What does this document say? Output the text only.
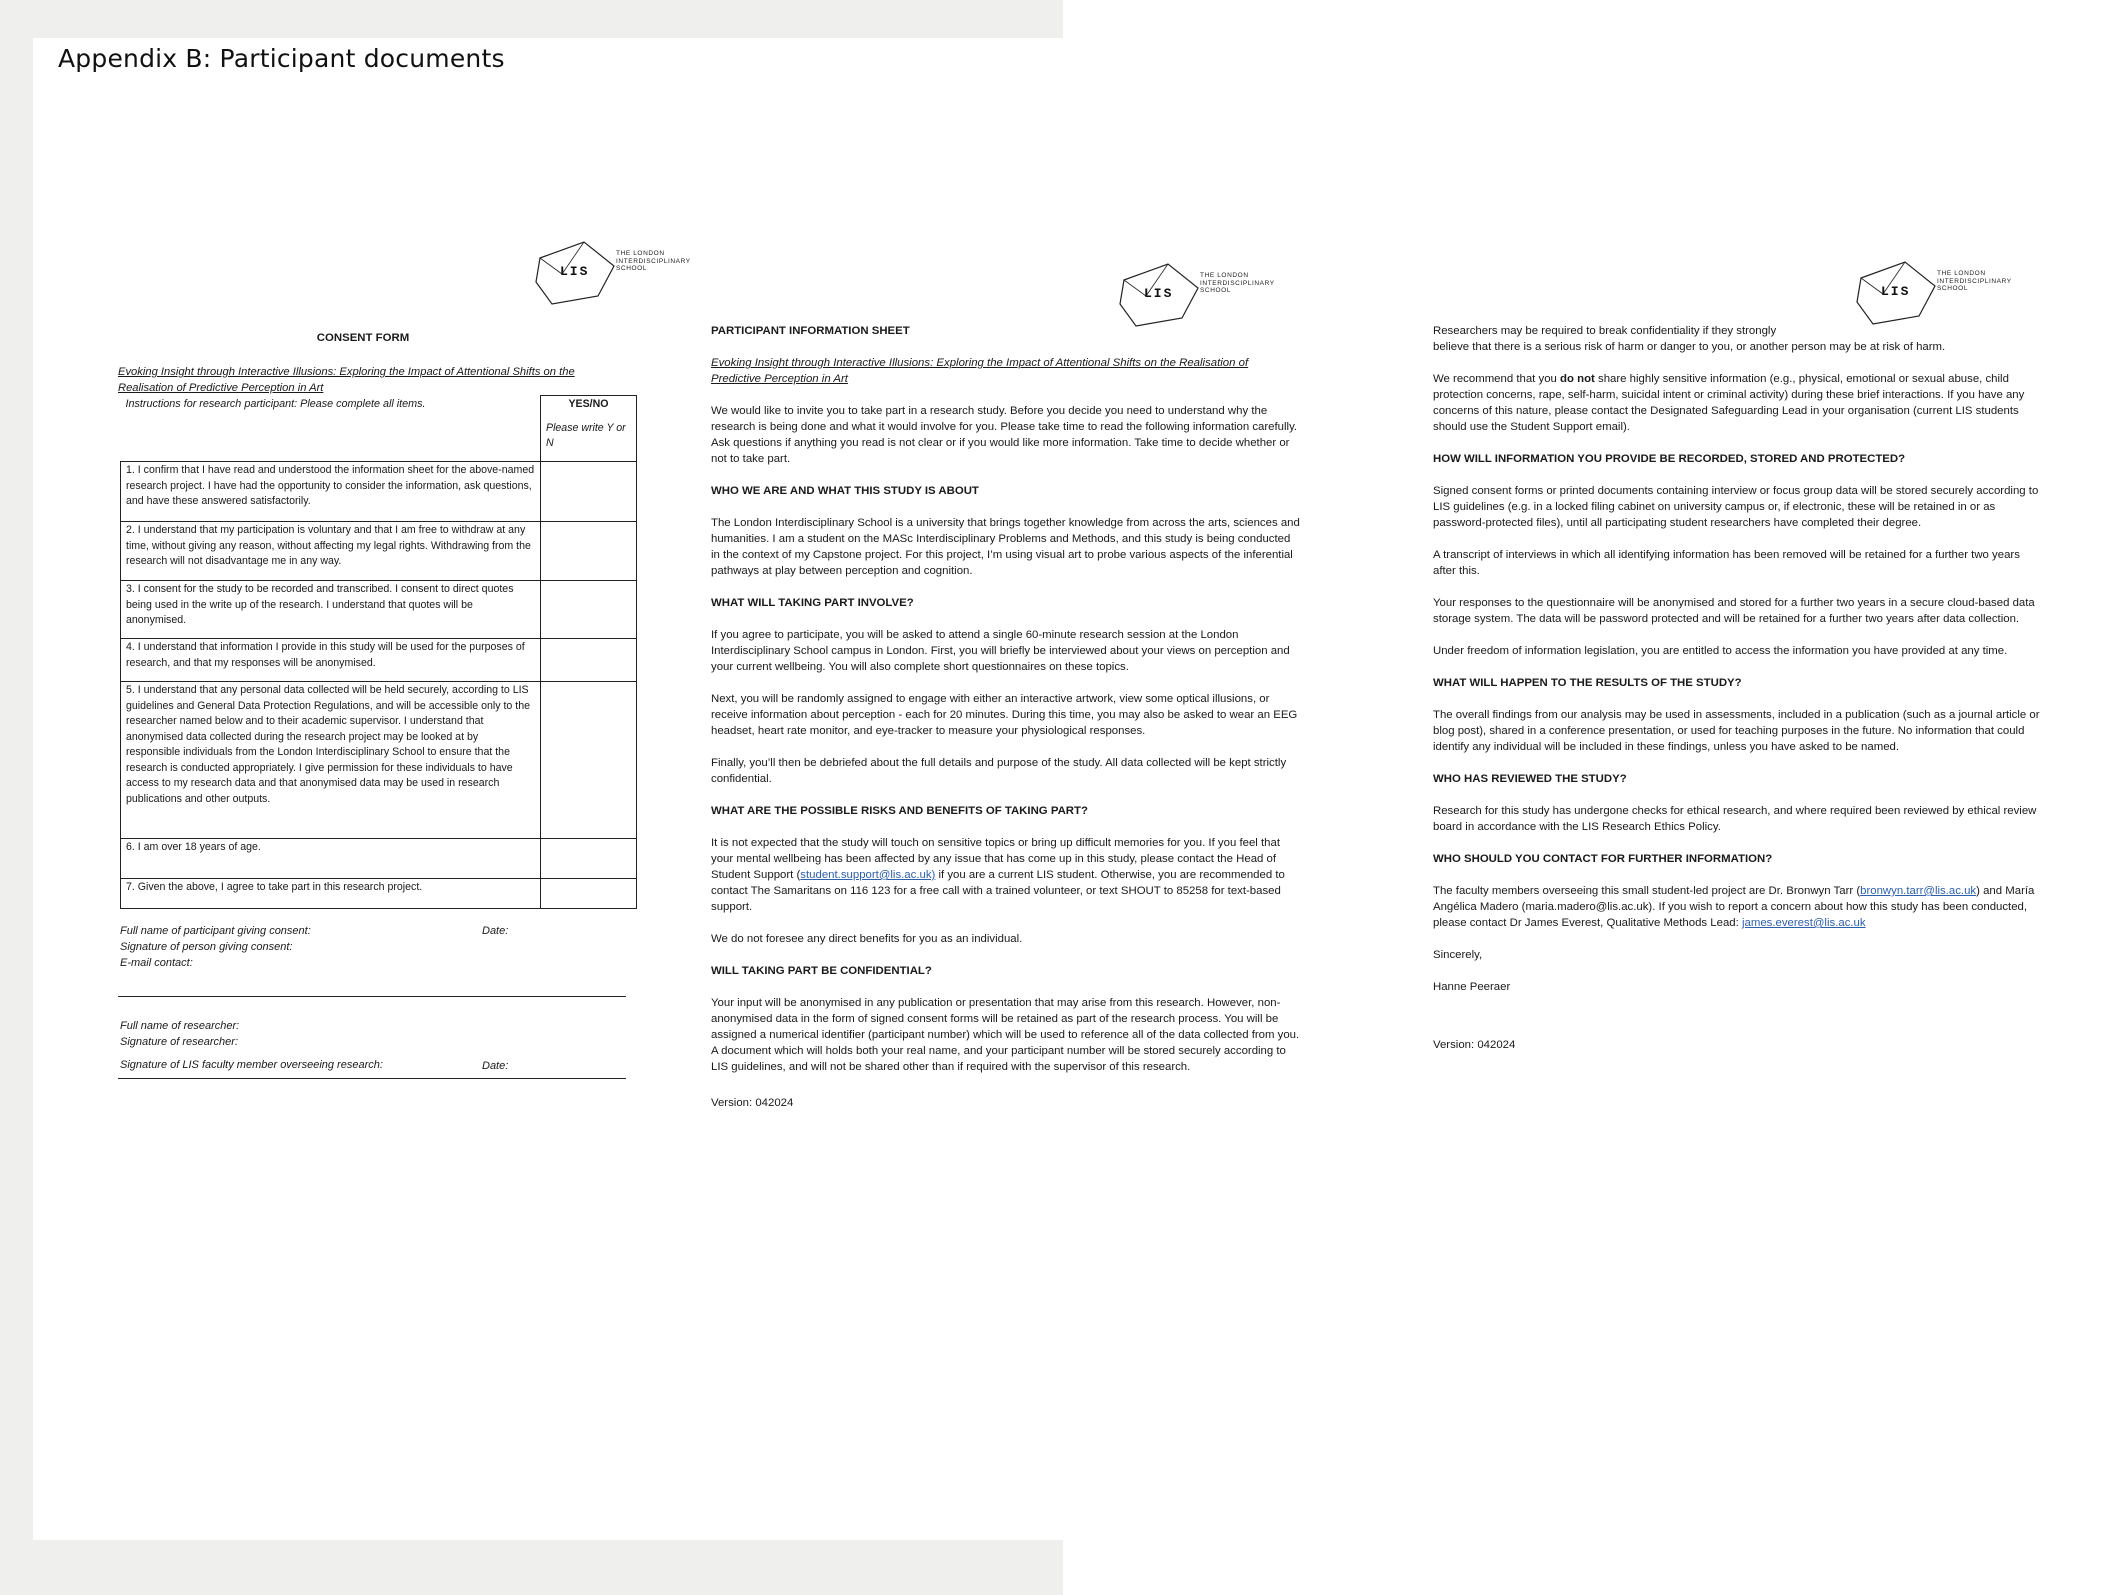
Appendix B: Participant documents
LIS
THE LONDON
INTERDISCIPLINARY
SCHOOL
LIS
THE LONDON
INTERDISCIPLINARY
SCHOOL	LIS
THE LONDON
INTERDISCIPLINARY
SCHOOL
CONSENT FORM
Evoking Insight through Interactive Illusions: Exploring the Impact of Attentional Shifts on the Realisation of Predictive Perception in Art
Instructions for research participant: Please complete all items.	YES/NO
Please write Y or N

1. I confirm that I have read and understood the information sheet for the above-named research project. I have had the opportunity to consider the information, ask questions, and have these answered satisfactorily.	
2. I understand that my participation is voluntary and that I am free to withdraw at any time, without giving any reason, without affecting my legal rights. Withdrawing from the research will not disadvantage me in any way.	
3. I consent for the study to be recorded and transcribed. I consent to direct quotes being used in the write up of the research. I understand that quotes will be anonymised.	
4. I understand that information I provide in this study will be used for the purposes of research, and that my responses will be anonymised.	
5. I understand that any personal data collected will be held securely, according to LIS guidelines and General Data Protection Regulations, and will be accessible only to the researcher named below and to their academic supervisor. I understand that anonymised data collected during the research project may be looked at by responsible individuals from the London Interdisciplinary School to ensure that the research is conducted appropriately. I give permission for these individuals to have access to my research data and that anonymised data may be used in research publications and other outputs.	
6. I am over 18 years of age.	
7. Given the above, I agree to take part in this research project.	
Full name of participant giving consent:	Date:
Signature of person giving consent:
E-mail contact:
Full name of researcher:
Signature of researcher:
Signature of LIS faculty member overseeing research:	Date:
PARTICIPANT INFORMATION SHEET

Evoking Insight through Interactive Illusions: Exploring the Impact of Attentional Shifts on the Realisation of Predictive Perception in Art

We would like to invite you to take part in a research study. Before you decide you need to understand why the research is being done and what it would involve for you. Please take time to read the following information carefully. Ask questions if anything you read is not clear or if you would like more information. Take time to decide whether or not to take part.

WHO WE ARE AND WHAT THIS STUDY IS ABOUT

The London Interdisciplinary School is a university that brings together knowledge from across the arts, sciences and humanities. I am a student on the MASc Interdisciplinary Problems and Methods, and this study is being conducted in the context of my Capstone project. For this project, I’m using visual art to probe various aspects of the inferential pathways at play between perception and cognition.

WHAT WILL TAKING PART INVOLVE?

If you agree to participate, you will be asked to attend a single 60-minute research session at the London Interdisciplinary School campus in London. First, you will briefly be interviewed about your views on perception and your current wellbeing. You will also complete short questionnaires on these topics.

Next, you will be randomly assigned to engage with either an interactive artwork, view some optical illusions, or receive information about perception - each for 20 minutes. During this time, you may also be asked to wear an EEG headset, heart rate monitor, and eye-tracker to measure your physiological responses.

Finally, you’ll then be debriefed about the full details and purpose of the study. All data collected will be kept strictly confidential.

WHAT ARE THE POSSIBLE RISKS AND BENEFITS OF TAKING PART?

It is not expected that the study will touch on sensitive topics or bring up difficult memories for you. If you feel that your mental wellbeing has been affected by any issue that has come up in this study, please contact the Head of Student Support (student.support@lis.ac.uk) if you are a current LIS student. Otherwise, you are recommended to contact The Samaritans on 116 123 for a free call with a trained volunteer, or text SHOUT to 85258 for text-based support.

We do not foresee any direct benefits for you as an individual.

WILL TAKING PART BE CONFIDENTIAL?

Your input will be anonymised in any publication or presentation that may arise from this research. However, non-anonymised data in the form of signed consent forms will be retained as part of the research process. You will be assigned a numerical identifier (participant number) which will be used to reference all of the data collected from you. A document which will holds both your real name, and your participant number will be stored securely according to LIS guidelines, and will not be shared other than if required with the supervisor of this research.

Version: 042024

Researchers may be required to break confidentiality if they strongly
believe that there is a serious risk of harm or danger to you, or another person may be at risk of harm.

We recommend that you do not share highly sensitive information (e.g., physical, emotional or sexual abuse, child protection concerns, rape, self-harm, suicidal intent or criminal activity) during these brief interactions. If you have any concerns of this nature, please contact the Designated Safeguarding Lead in your organisation (current LIS students should use the Student Support email).

HOW WILL INFORMATION YOU PROVIDE BE RECORDED, STORED AND PROTECTED?

Signed consent forms or printed documents containing interview or focus group data will be stored securely according to LIS guidelines (e.g. in a locked filing cabinet on university campus or, if electronic, these will be retained in or as password-protected files), until all participating student researchers have completed their degree.

A transcript of interviews in which all identifying information has been removed will be retained for a further two years after this.

Your responses to the questionnaire will be anonymised and stored for a further two years in a secure cloud-based data storage system. The data will be password protected and will be retained for a further two years after data collection.

Under freedom of information legislation, you are entitled to access the information you have provided at any time.

WHAT WILL HAPPEN TO THE RESULTS OF THE STUDY?

The overall findings from our analysis may be used in assessments, included in a publication (such as a journal article or blog post), shared in a conference presentation, or used for teaching purposes in the future. No information that could identify any individual will be included in these findings, unless you have asked to be named.

WHO HAS REVIEWED THE STUDY?

Research for this study has undergone checks for ethical research, and where required been reviewed by ethical review board in accordance with the LIS Research Ethics Policy.

WHO SHOULD YOU CONTACT FOR FURTHER INFORMATION?

The faculty members overseeing this small student-led project are Dr. Bronwyn Tarr (bronwyn.tarr@lis.ac.uk) and María Angélica Madero (maria.madero@lis.ac.uk). If you wish to report a concern about how this study has been conducted, please contact Dr James Everest, Qualitative Methods Lead: james.everest@lis.ac.uk

Sincerely,

Hanne Peeraer

Version: 042024
